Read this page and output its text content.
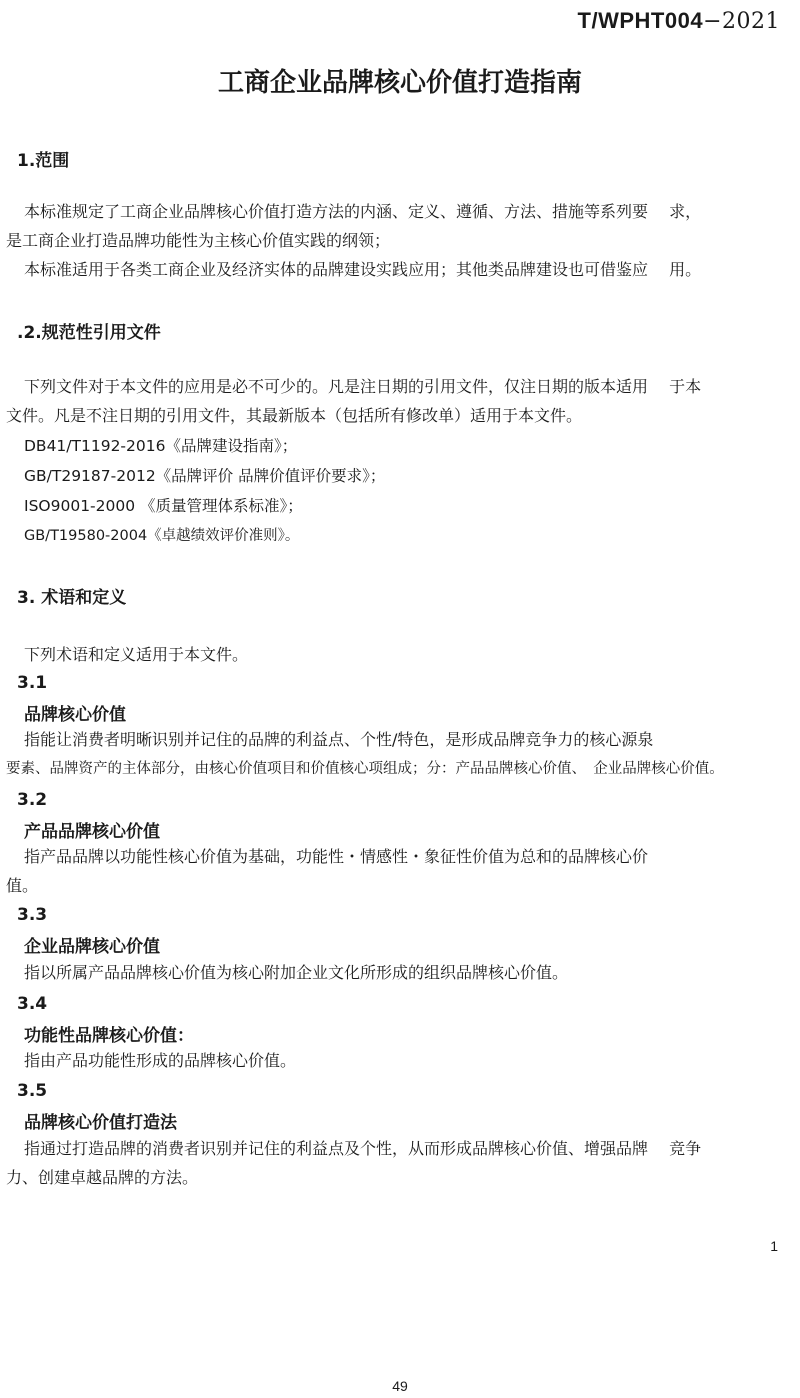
T/WPHT004−2021
工商企业品牌核心价值打造指南
1.范围
本标准规定了工商企业品牌核心价值打造方法的内涵、定义、遵循、方法、措施等系列要　 求，
是工商企业打造品牌功能性为主核心价值实践的纲领；
本标准适用于各类工商企业及经济实体的品牌建设实践应用；其他类品牌建设也可借鉴应　 用。
.2.规范性引用文件
下列文件对于本文件的应用是必不可少的。凡是注日期的引用文件，仅注日期的版本适用　 于本
文件。凡是不注日期的引用文件，其最新版本（包括所有修改单）适用于本文件。
DB41/T1192-2016《品牌建设指南》；
GB/T29187-2012《品牌评价 品牌价值评价要求》；
ISO9001-2000 《质量管理体系标准》；
GB/T19580-2004《卓越绩效评价准则》。
3. 术语和定义
下列术语和定义适用于本文件。
3.1
品牌核心价值
指能让消费者明晰识别并记住的品牌的利益点、个性/特色，是形成品牌竞争力的核心源泉
要素、品牌资产的主体部分，由核心价值项目和价值核心项组成；分：产品品牌核心价值、　企业品牌核心价值。
3.2
产品品牌核心价值
指产品品牌以功能性核心价值为基础，功能性・情感性・象征性价值为总和的品牌核心价
值。
3.3
企业品牌核心价值
指以所属产品品牌核心价值为核心附加企业文化所形成的组织品牌核心价值。
3.4
功能性品牌核心价值：
指由产品功能性形成的品牌核心价值。
3.5
品牌核心价值打造法
指通过打造品牌的消费者识别并记住的利益点及个性，从而形成品牌核心价值、增强品牌　 竞争
力、创建卓越品牌的方法。
1
49
